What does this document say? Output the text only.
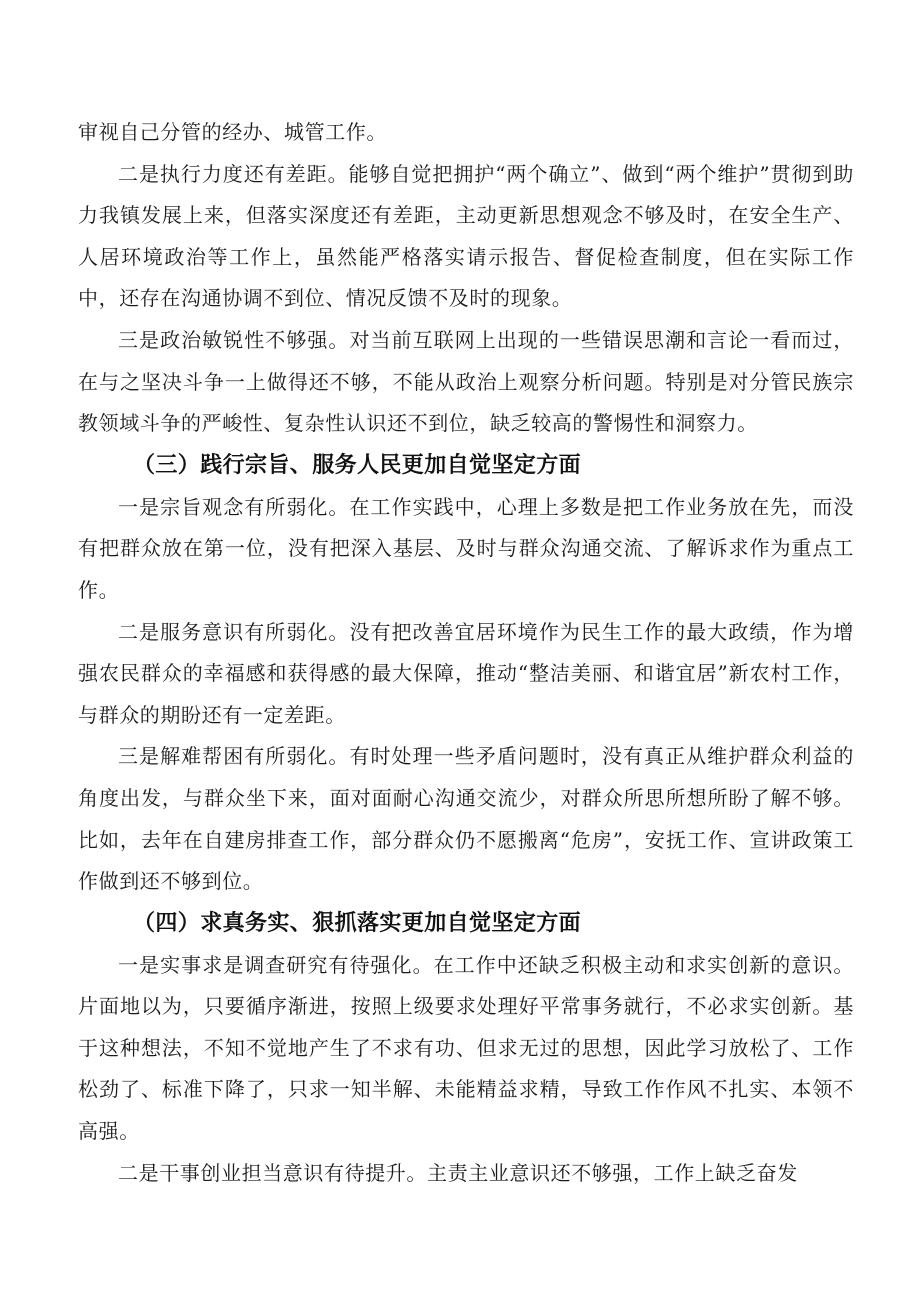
审视自己分管的经办、城管工作。

二是执行力度还有差距。能够自觉把拥护“两个确立”、做到“两个维护”贯彻到助力我镇发展上来，但落实深度还有差距，主动更新思想观念不够及时，在安全生产、人居环境政治等工作上，虽然能严格落实请示报告、督促检查制度，但在实际工作中，还存在沟通协调不到位、情况反馈不及时的现象。

三是政治敏锐性不够强。对当前互联网上出现的一些错误思潮和言论一看而过，在与之坚决斗争一上做得还不够，不能从政治上观察分析问题。特别是对分管民族宗教领域斗争的严峻性、复杂性认识还不到位，缺乏较高的警惕性和洞察力。

（三）践行宗旨、服务人民更加自觉坚定方面

一是宗旨观念有所弱化。在工作实践中，心理上多数是把工作业务放在先，而没有把群众放在第一位，没有把深入基层、及时与群众沟通交流、了解诉求作为重点工作。

二是服务意识有所弱化。没有把改善宜居环境作为民生工作的最大政绩，作为增强农民群众的幸福感和获得感的最大保障，推动“整洁美丽、和谐宜居”新农村工作，与群众的期盼还有一定差距。

三是解难帮困有所弱化。有时处理一些矛盾问题时，没有真正从维护群众利益的角度出发，与群众坐下来，面对面耐心沟通交流少，对群众所思所想所盼了解不够。比如，去年在自建房排查工作，部分群众仍不愿搬离“危房”，安抚工作、宣讲政策工作做到还不够到位。

（四）求真务实、狠抓落实更加自觉坚定方面

一是实事求是调查研究有待强化。在工作中还缺乏积极主动和求实创新的意识。片面地以为，只要循序渐进，按照上级要求处理好平常事务就行，不必求实创新。基于这种想法，不知不觉地产生了不求有功、但求无过的思想，因此学习放松了、工作松劲了、标准下降了，只求一知半解、未能精益求精，导致工作作风不扎实、本领不高强。

二是干事创业担当意识有待提升。主责主业意识还不够强，工作上缺乏奋发
